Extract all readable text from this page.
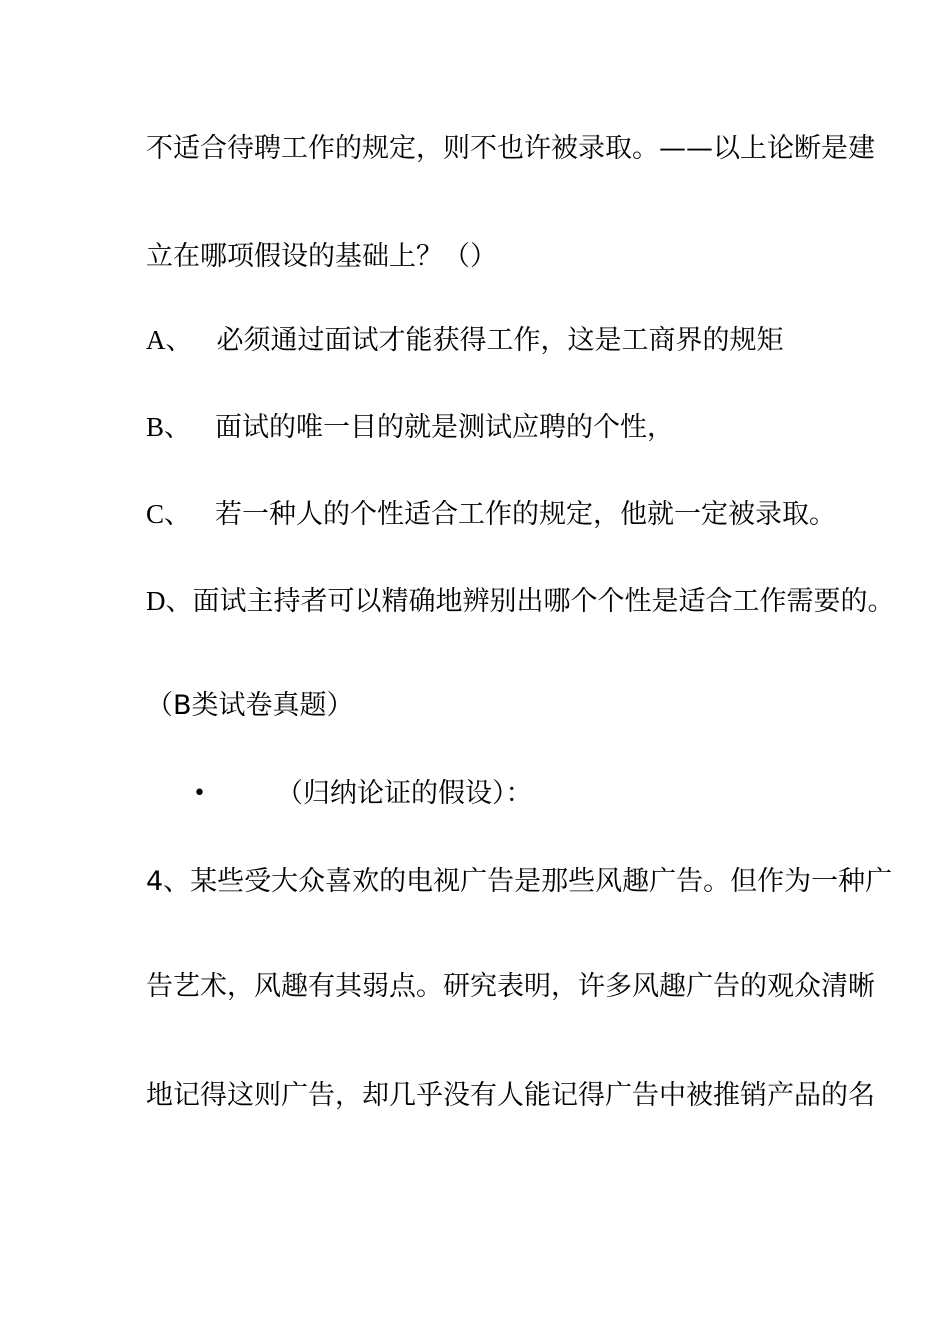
不适合待聘工作的规定，则不也许被录取。——以上论断是建
立在哪项假设的基础上？（）
A、 必须通过面试才能获得工作，这是工商界的规矩
B、 面试的唯一目的就是测试应聘的个性，
C、 若一种人的个性适合工作的规定，他就一定被录取。
D、面试主持者可以精确地辨别出哪个个性是适合工作需要的。
（B类试卷真题）
•	（归纳论证的假设）：
4、某些受大众喜欢的电视广告是那些风趣广告。但作为一种广
告艺术，风趣有其弱点。研究表明，许多风趣广告的观众清晰
地记得这则广告，却几乎没有人能记得广告中被推销产品的名
